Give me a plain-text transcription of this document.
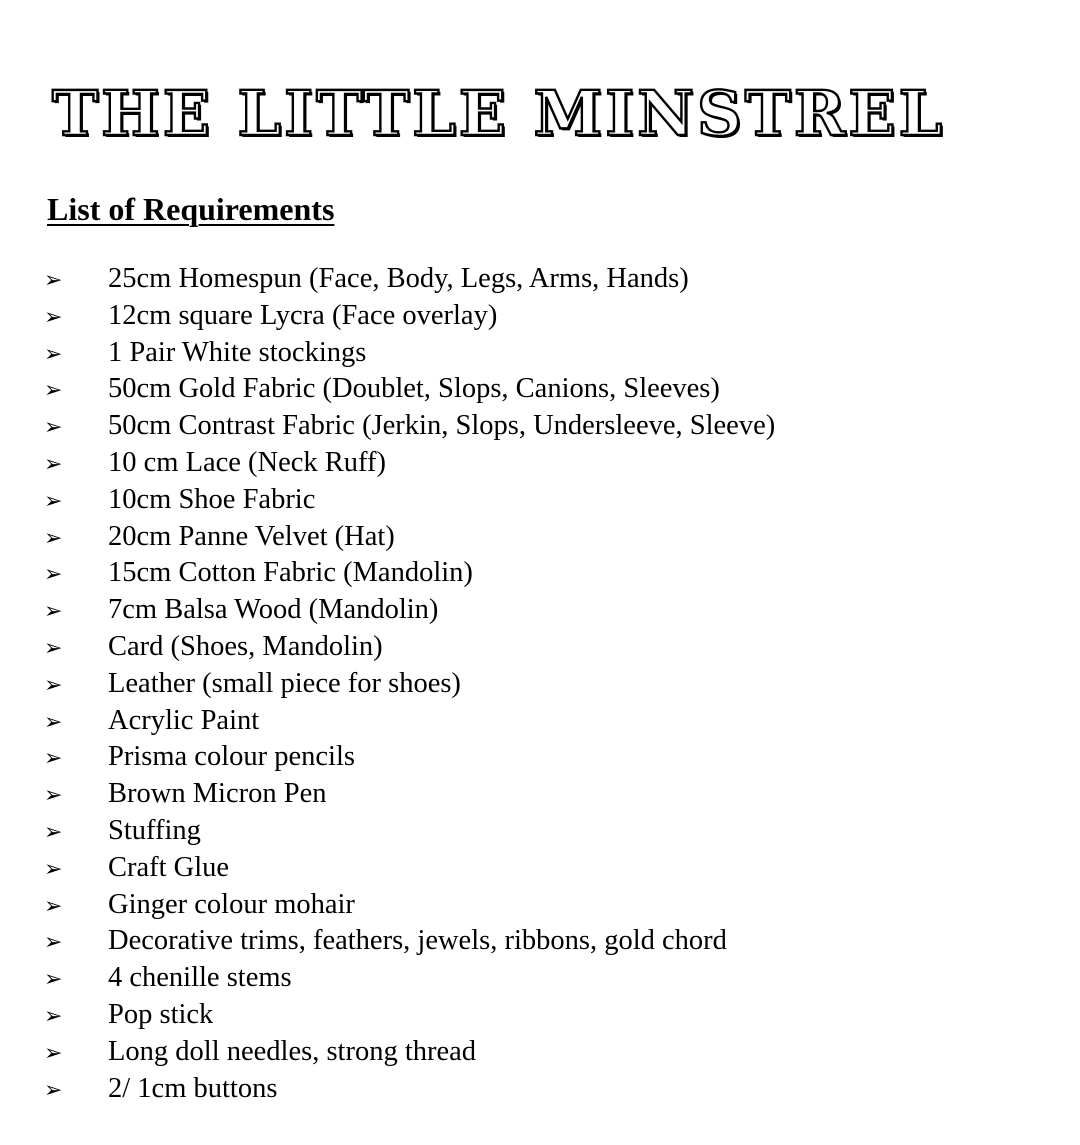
THE LITTLE MINSTREL
List of Requirements
➢	25cm Homespun (Face, Body, Legs, Arms, Hands)
➢	12cm square Lycra (Face overlay)
➢	1 Pair White stockings
➢	50cm Gold Fabric (Doublet, Slops, Canions, Sleeves)
➢	50cm Contrast Fabric (Jerkin, Slops, Undersleeve, Sleeve)
➢	10 cm Lace (Neck Ruff)
➢	10cm Shoe Fabric
➢	20cm Panne Velvet (Hat)
➢	15cm Cotton Fabric (Mandolin)
➢	7cm Balsa Wood (Mandolin)
➢	Card (Shoes, Mandolin)
➢	Leather (small piece for shoes)
➢	Acrylic Paint
➢	Prisma colour pencils
➢	Brown Micron Pen
➢	Stuffing
➢	Craft Glue
➢	Ginger colour mohair
➢	Decorative trims, feathers, jewels, ribbons, gold chord
➢	4 chenille stems
➢	Pop stick
➢	Long doll needles, strong thread
➢	2/ 1cm buttons
